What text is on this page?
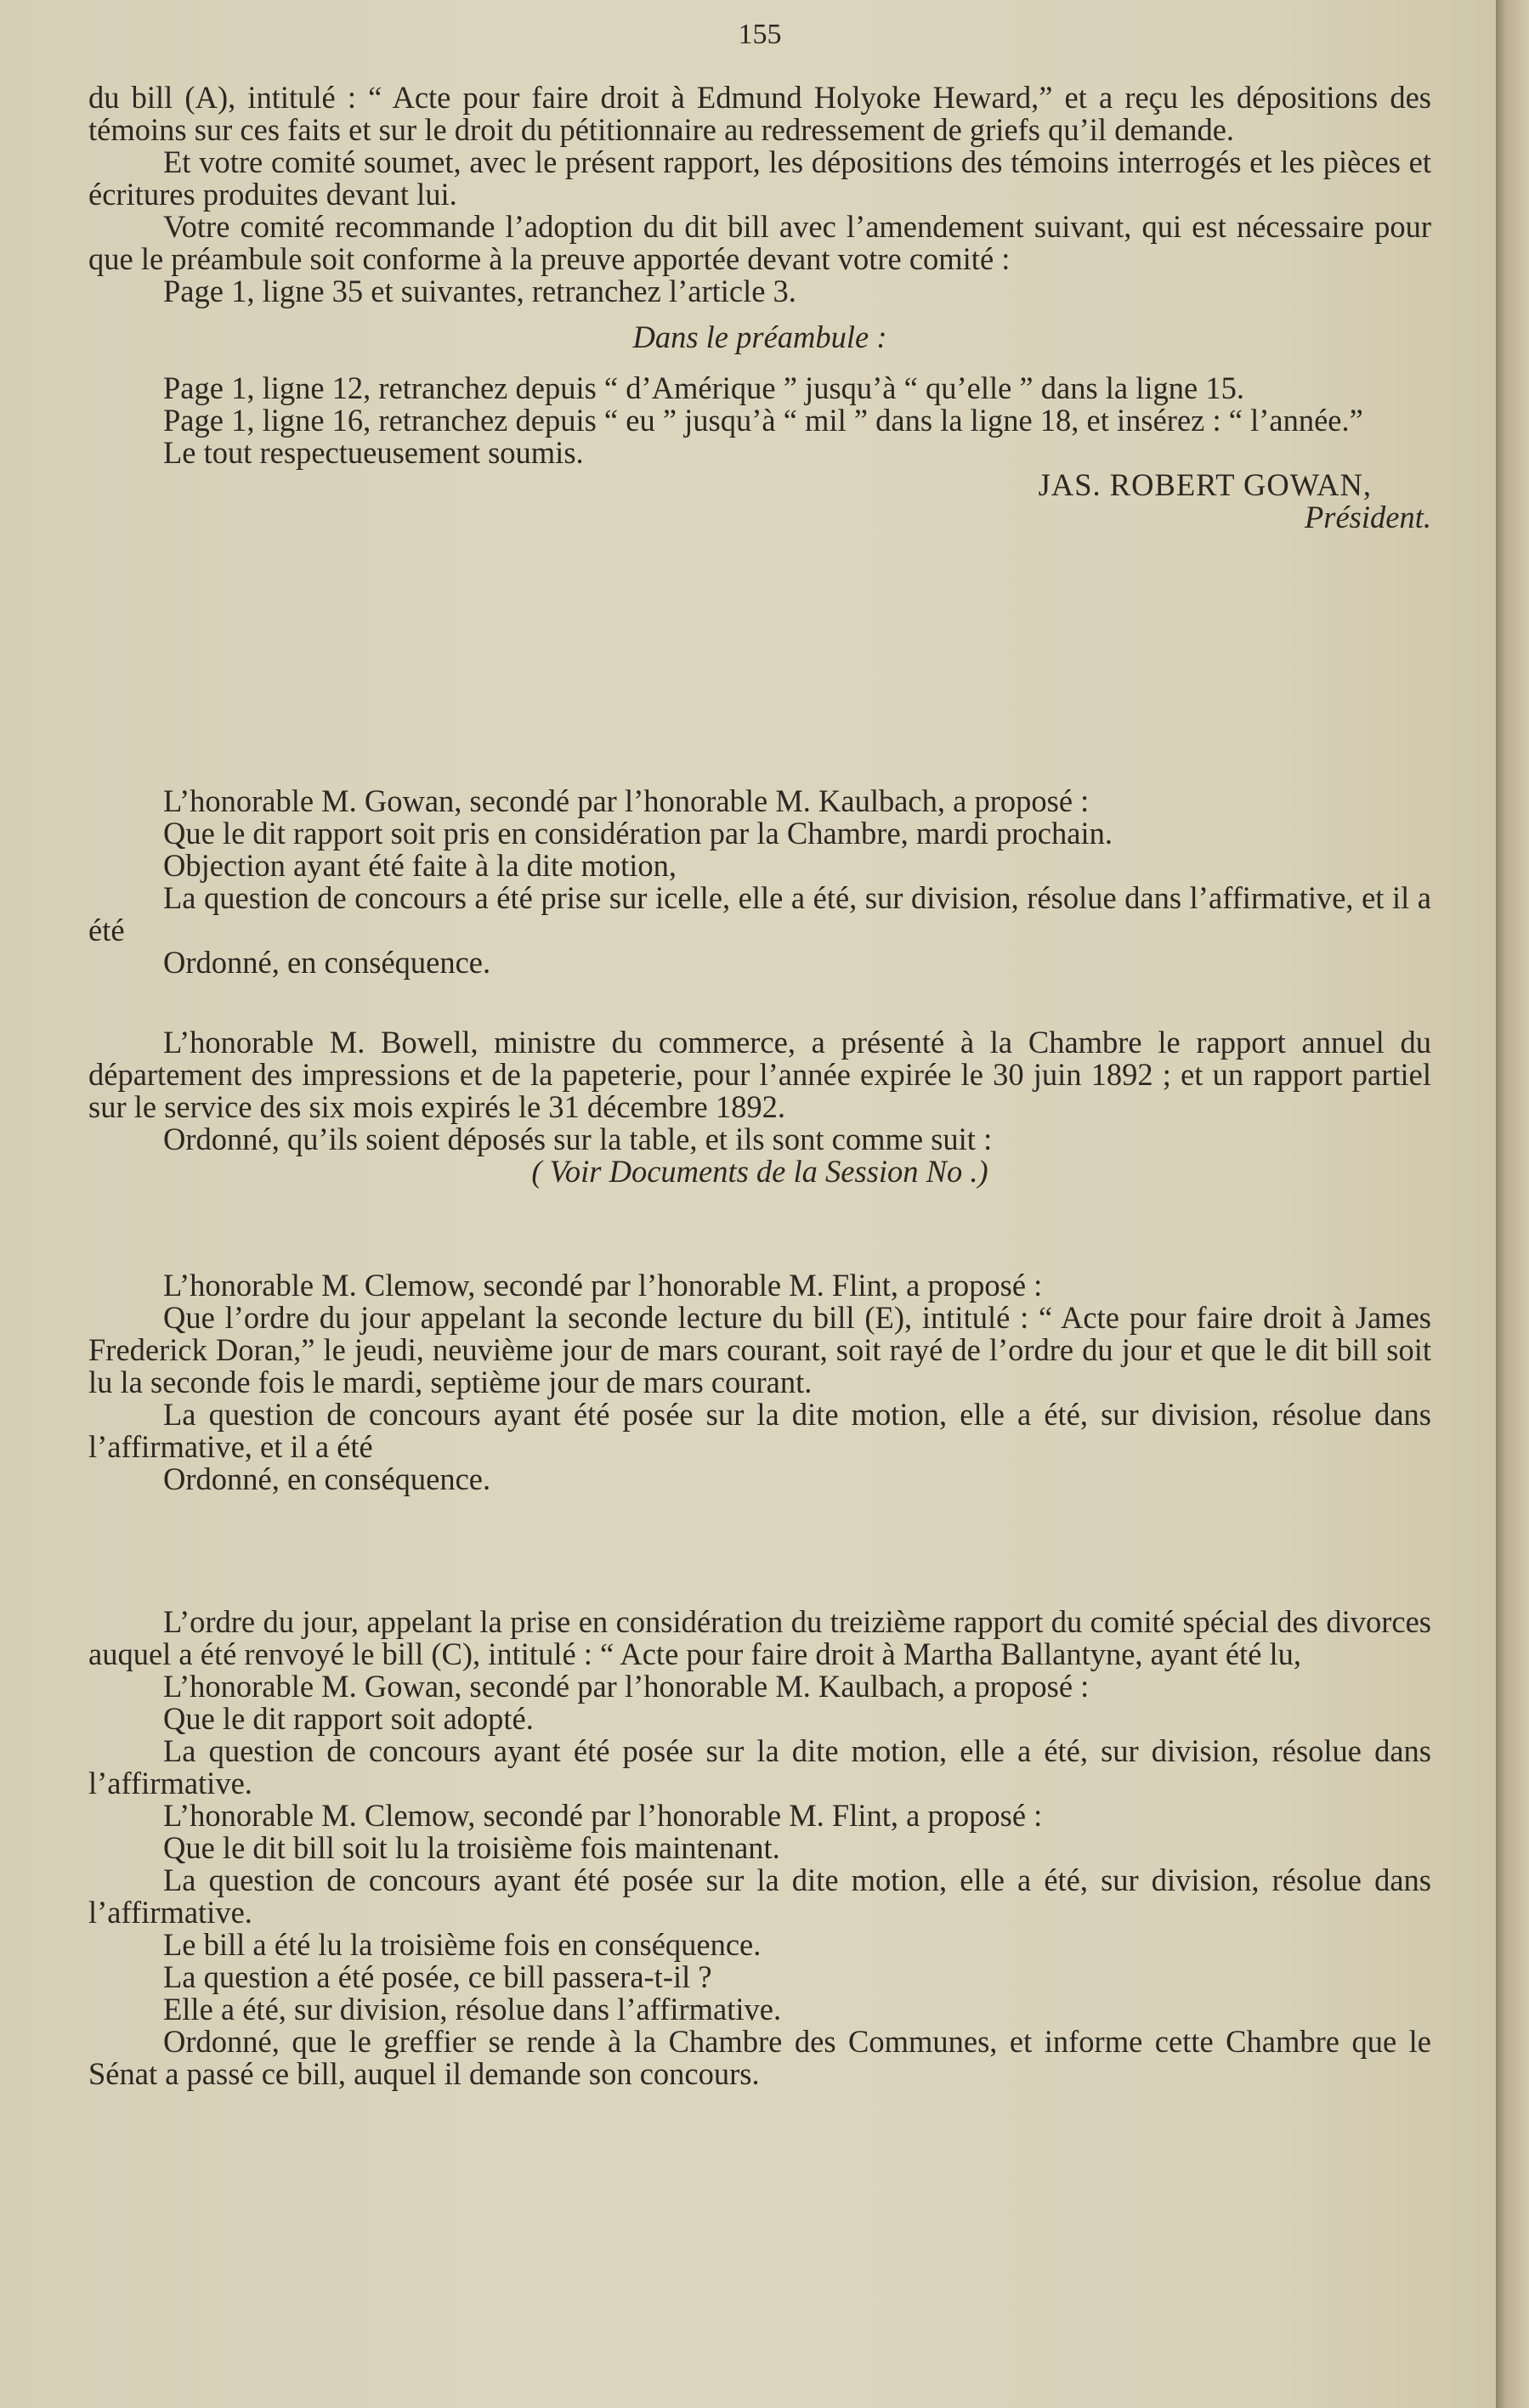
155

du bill (A), intitulé : “ Acte pour faire droit à Edmund Holyoke Heward,” et a reçu les dépositions des témoins sur ces faits et sur le droit du pétitionnaire au redressement de griefs qu’il demande.

Et votre comité soumet, avec le présent rapport, les dépositions des témoins interrogés et les pièces et écritures produites devant lui.

Votre comité recommande l’adoption du dit bill avec l’amendement suivant, qui est nécessaire pour que le préambule soit conforme à la preuve apportée devant votre comité :

Page 1, ligne 35 et suivantes, retranchez l’article 3.

Dans le préambule :

Page 1, ligne 12, retranchez depuis “ d’Amérique ” jusqu’à “ qu’elle ” dans la ligne 15.

Page 1, ligne 16, retranchez depuis “ eu ” jusqu’à “ mil ” dans la ligne 18, et insérez : “ l’année.”

Le tout respectueusement soumis.

JAS. ROBERT GOWAN,

Président.

L’honorable M. Gowan, secondé par l’honorable M. Kaulbach, a proposé :

Que le dit rapport soit pris en considération par la Chambre, mardi prochain.

Objection ayant été faite à la dite motion,

La question de concours a été prise sur icelle, elle a été, sur division, résolue dans l’affirmative, et il a été

Ordonné, en conséquence.

L’honorable M. Bowell, ministre du commerce, a présenté à la Chambre le rapport annuel du département des impressions et de la papeterie, pour l’année expirée le 30 juin 1892 ; et un rapport partiel sur le service des six mois expirés le 31 décembre 1892.

Ordonné, qu’ils soient déposés sur la table, et ils sont comme suit :

( Voir Documents de la Session No .)

L’honorable M. Clemow, secondé par l’honorable M. Flint, a proposé :

Que l’ordre du jour appelant la seconde lecture du bill (E), intitulé : “ Acte pour faire droit à James Frederick Doran,” le jeudi, neuvième jour de mars courant, soit rayé de l’ordre du jour et que le dit bill soit lu la seconde fois le mardi, septième jour de mars courant.

La question de concours ayant été posée sur la dite motion, elle a été, sur division, résolue dans l’affirmative, et il a été

Ordonné, en conséquence.

L’ordre du jour, appelant la prise en considération du treizième rapport du comité spécial des divorces auquel a été renvoyé le bill (C), intitulé : “ Acte pour faire droit à Martha Ballantyne, ayant été lu,

L’honorable M. Gowan, secondé par l’honorable M. Kaulbach, a proposé :

Que le dit rapport soit adopté.

La question de concours ayant été posée sur la dite motion, elle a été, sur division, résolue dans l’affirmative.

L’honorable M. Clemow, secondé par l’honorable M. Flint, a proposé :

Que le dit bill soit lu la troisième fois maintenant.

La question de concours ayant été posée sur la dite motion, elle a été, sur division, résolue dans l’affirmative.

Le bill a été lu la troisième fois en conséquence.

La question a été posée, ce bill passera-t-il ?

Elle a été, sur division, résolue dans l’affirmative.

Ordonné, que le greffier se rende à la Chambre des Communes, et informe cette Chambre que le Sénat a passé ce bill, auquel il demande son concours.
